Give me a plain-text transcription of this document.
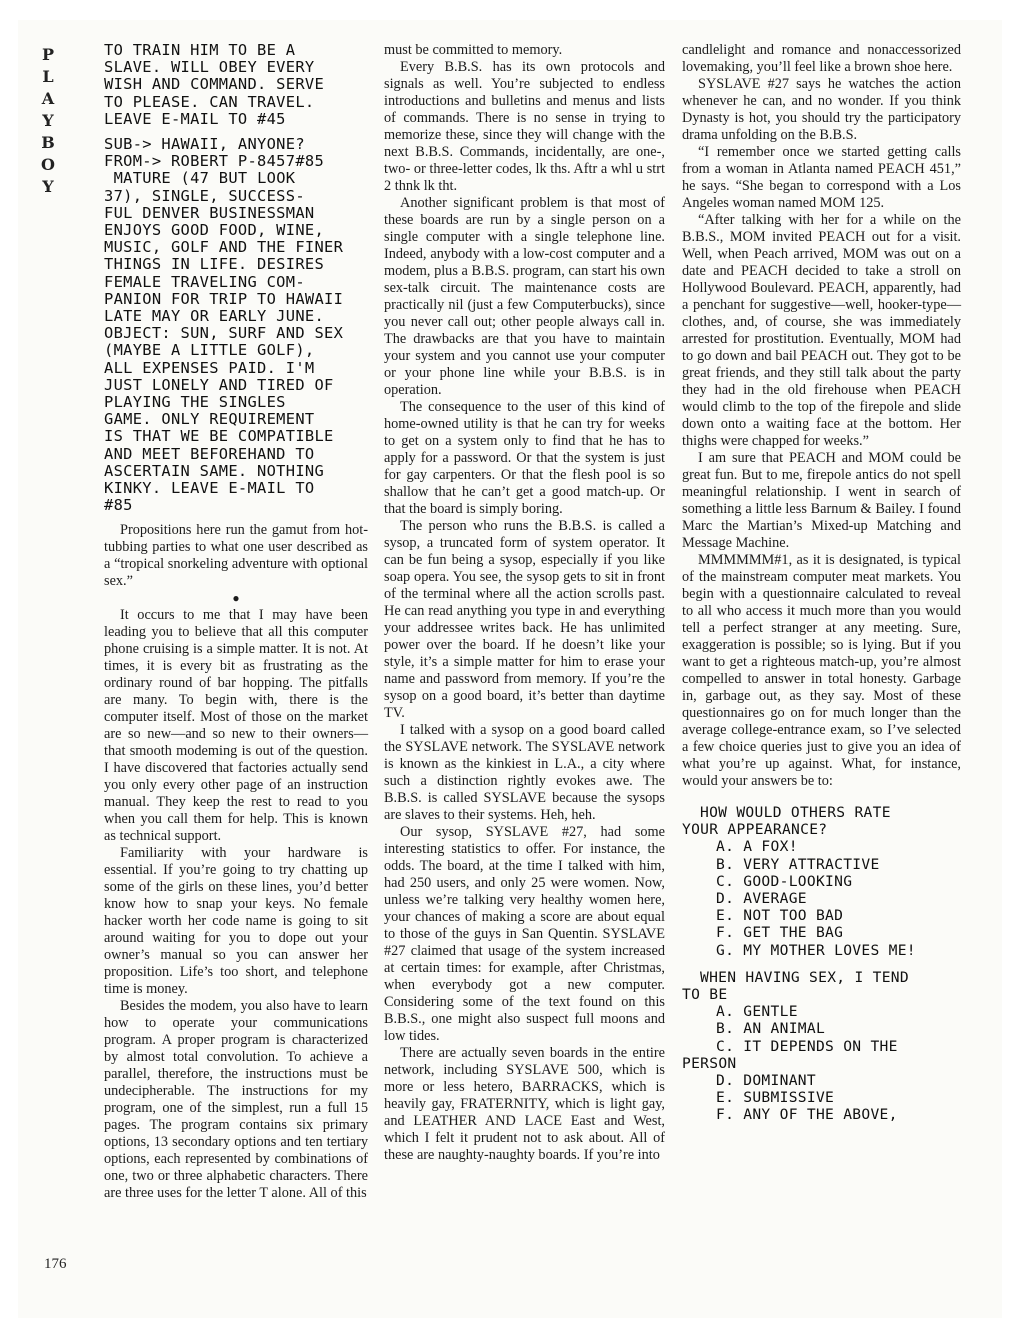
PLAYBOY
176
TO TRAIN HIM TO BE A
SLAVE. WILL OBEY EVERY
WISH AND COMMAND. SERVE
TO PLEASE. CAN TRAVEL.
LEAVE E-MAIL TO #45
SUB-> HAWAII, ANYONE?
FROM-> ROBERT P-8457#85
MATURE (47 BUT LOOK
37), SINGLE, SUCCESS-
FUL DENVER BUSINESSMAN
ENJOYS GOOD FOOD, WINE,
MUSIC, GOLF AND THE FINER
THINGS IN LIFE. DESIRES
FEMALE TRAVELING COM-
PANION FOR TRIP TO HAWAII
LATE MAY OR EARLY JUNE.
OBJECT: SUN, SURF AND SEX
(MAYBE A LITTLE GOLF),
ALL EXPENSES PAID. I'M
JUST LONELY AND TIRED OF
PLAYING THE SINGLES
GAME. ONLY REQUIREMENT
IS THAT WE BE COMPATIBLE
AND MEET BEFOREHAND TO
ASCERTAIN SAME. NOTHING
KINKY. LEAVE E-MAIL TO
#85

Propositions here run the gamut from hot-tubbing parties to what one user described as a “tropical snorkeling adventure with optional sex.”

●

It occurs to me that I may have been leading you to believe that all this computer phone cruising is a simple matter. It is not. At times, it is every bit as frustrating as the ordinary round of bar hopping. The pitfalls are many. To begin with, there is the computer itself. Most of those on the market are so new—and so new to their owners—that smooth modeming is out of the question. I have discovered that factories actually send you only every other page of an instruction manual. They keep the rest to read to you when you call them for help. This is known as technical support.

Familiarity with your hardware is essential. If you’re going to try chatting up some of the girls on these lines, you’d better know how to snap your keys. No female hacker worth her code name is going to sit around waiting for you to dope out your owner’s manual so you can answer her proposition. Life’s too short, and telephone time is money.

Besides the modem, you also have to learn how to operate your communications program. A proper program is characterized by almost total convolution. To achieve a parallel, therefore, the instructions must be undecipherable. The instructions for my program, one of the simplest, run a full 15 pages. The program contains six primary options, 13 secondary options and ten tertiary options, each represented by combinations of one, two or three alphabetic characters. There are three uses for the letter T alone. All of this

must be committed to memory.

Every B.B.S. has its own protocols and signals as well. You’re subjected to endless introductions and bulletins and menus and lists of commands. There is no sense in trying to memorize these, since they will change with the next B.B.S. Commands, incidentally, are one-, two- or three-letter codes, lk ths. Aftr a whl u strt 2 thnk lk tht.

Another significant problem is that most of these boards are run by a single person on a single computer with a single telephone line. Indeed, anybody with a low-cost computer and a modem, plus a B.B.S. program, can start his own sex-talk circuit. The maintenance costs are practically nil (just a few Computerbucks), since you never call out; other people always call in. The drawbacks are that you have to maintain your system and you cannot use your computer or your phone line while your B.B.S. is in operation.

The consequence to the user of this kind of home-owned utility is that he can try for weeks to get on a system only to find that he has to apply for a password. Or that the system is just for gay carpenters. Or that the flesh pool is so shallow that he can’t get a good match-up. Or that the board is simply boring.

The person who runs the B.B.S. is called a sysop, a truncated form of system operator. It can be fun being a sysop, especially if you like soap opera. You see, the sysop gets to sit in front of the terminal where all the action scrolls past. He can read anything you type in and everything your addressee writes back. He has unlimited power over the board. If he doesn’t like your style, it’s a simple matter for him to erase your name and password from memory. If you’re the sysop on a good board, it’s better than daytime TV.

I talked with a sysop on a good board called the SYSLAVE network. The SYSLAVE network is known as the kinkiest in L.A., a city where such a distinction rightly evokes awe. The B.B.S. is called SYSLAVE because the sysops are slaves to their systems. Heh, heh.

Our sysop, SYSLAVE #27, had some interesting statistics to offer. For instance, the odds. The board, at the time I talked with him, had 250 users, and only 25 were women. Now, unless we’re talking very healthy women here, your chances of making a score are about equal to those of the guys in San Quentin. SYSLAVE #27 claimed that usage of the system increased at certain times: for example, after Christmas, when everybody got a new computer. Considering some of the text found on this B.B.S., one might also suspect full moons and low tides.

There are actually seven boards in the entire network, including SYSLAVE 500, which is more or less hetero, BARRACKS, which is heavily gay, FRATERNITY, which is light gay, and LEATHER AND LACE East and West, which I felt it prudent not to ask about. All of these are naughty-naughty boards. If you’re into

candlelight and romance and nonaccessorized lovemaking, you’ll feel like a brown shoe here.

SYSLAVE #27 says he watches the action whenever he can, and no wonder. If you think Dynasty is hot, you should try the participatory drama unfolding on the B.B.S.

“I remember once we started getting calls from a woman in Atlanta named PEACH 451,” he says. “She began to correspond with a Los Angeles woman named MOM 125.

“After talking with her for a while on the B.B.S., MOM invited PEACH out for a visit. Well, when Peach arrived, MOM was out on a date and PEACH decided to take a stroll on Hollywood Boulevard. PEACH, apparently, had a penchant for suggestive—well, hooker-type—clothes, and, of course, she was immediately arrested for prostitution. Eventually, MOM had to go down and bail PEACH out. They got to be great friends, and they still talk about the party they had in the old firehouse when PEACH would climb to the top of the firepole and slide down onto a waiting face at the bottom. Her thighs were chapped for weeks.”

I am sure that PEACH and MOM could be great fun. But to me, firepole antics do not spell meaningful relationship. I went in search of something a little less Barnum & Bailey. I found Marc the Martian’s Mixed-up Matching and Message Machine.

MMMMMM#1, as it is designated, is typical of the mainstream computer meat markets. You begin with a questionnaire calculated to reveal to all who access it much more than you would tell a perfect stranger at any meeting. Sure, exaggeration is possible; so is lying. But if you want to get a righteous match-up, you’re almost compelled to answer in total honesty. Garbage in, garbage out, as they say. Most of these questionnaires go on for much longer than the average college-entrance exam, so I’ve selected a few choice queries just to give you an idea of what you’re up against. What, for instance, would your answers be to:

HOW WOULD OTHERS RATE
YOUR APPEARANCE?
A. A FOX!
B. VERY ATTRACTIVE
C. GOOD-LOOKING
D. AVERAGE
E. NOT TOO BAD
F. GET THE BAG
G. MY MOTHER LOVES ME!
WHEN HAVING SEX, I TEND
TO BE
A. GENTLE
B. AN ANIMAL
C. IT DEPENDS ON THE
PERSON
D. DOMINANT
E. SUBMISSIVE
F. ANY OF THE ABOVE,
